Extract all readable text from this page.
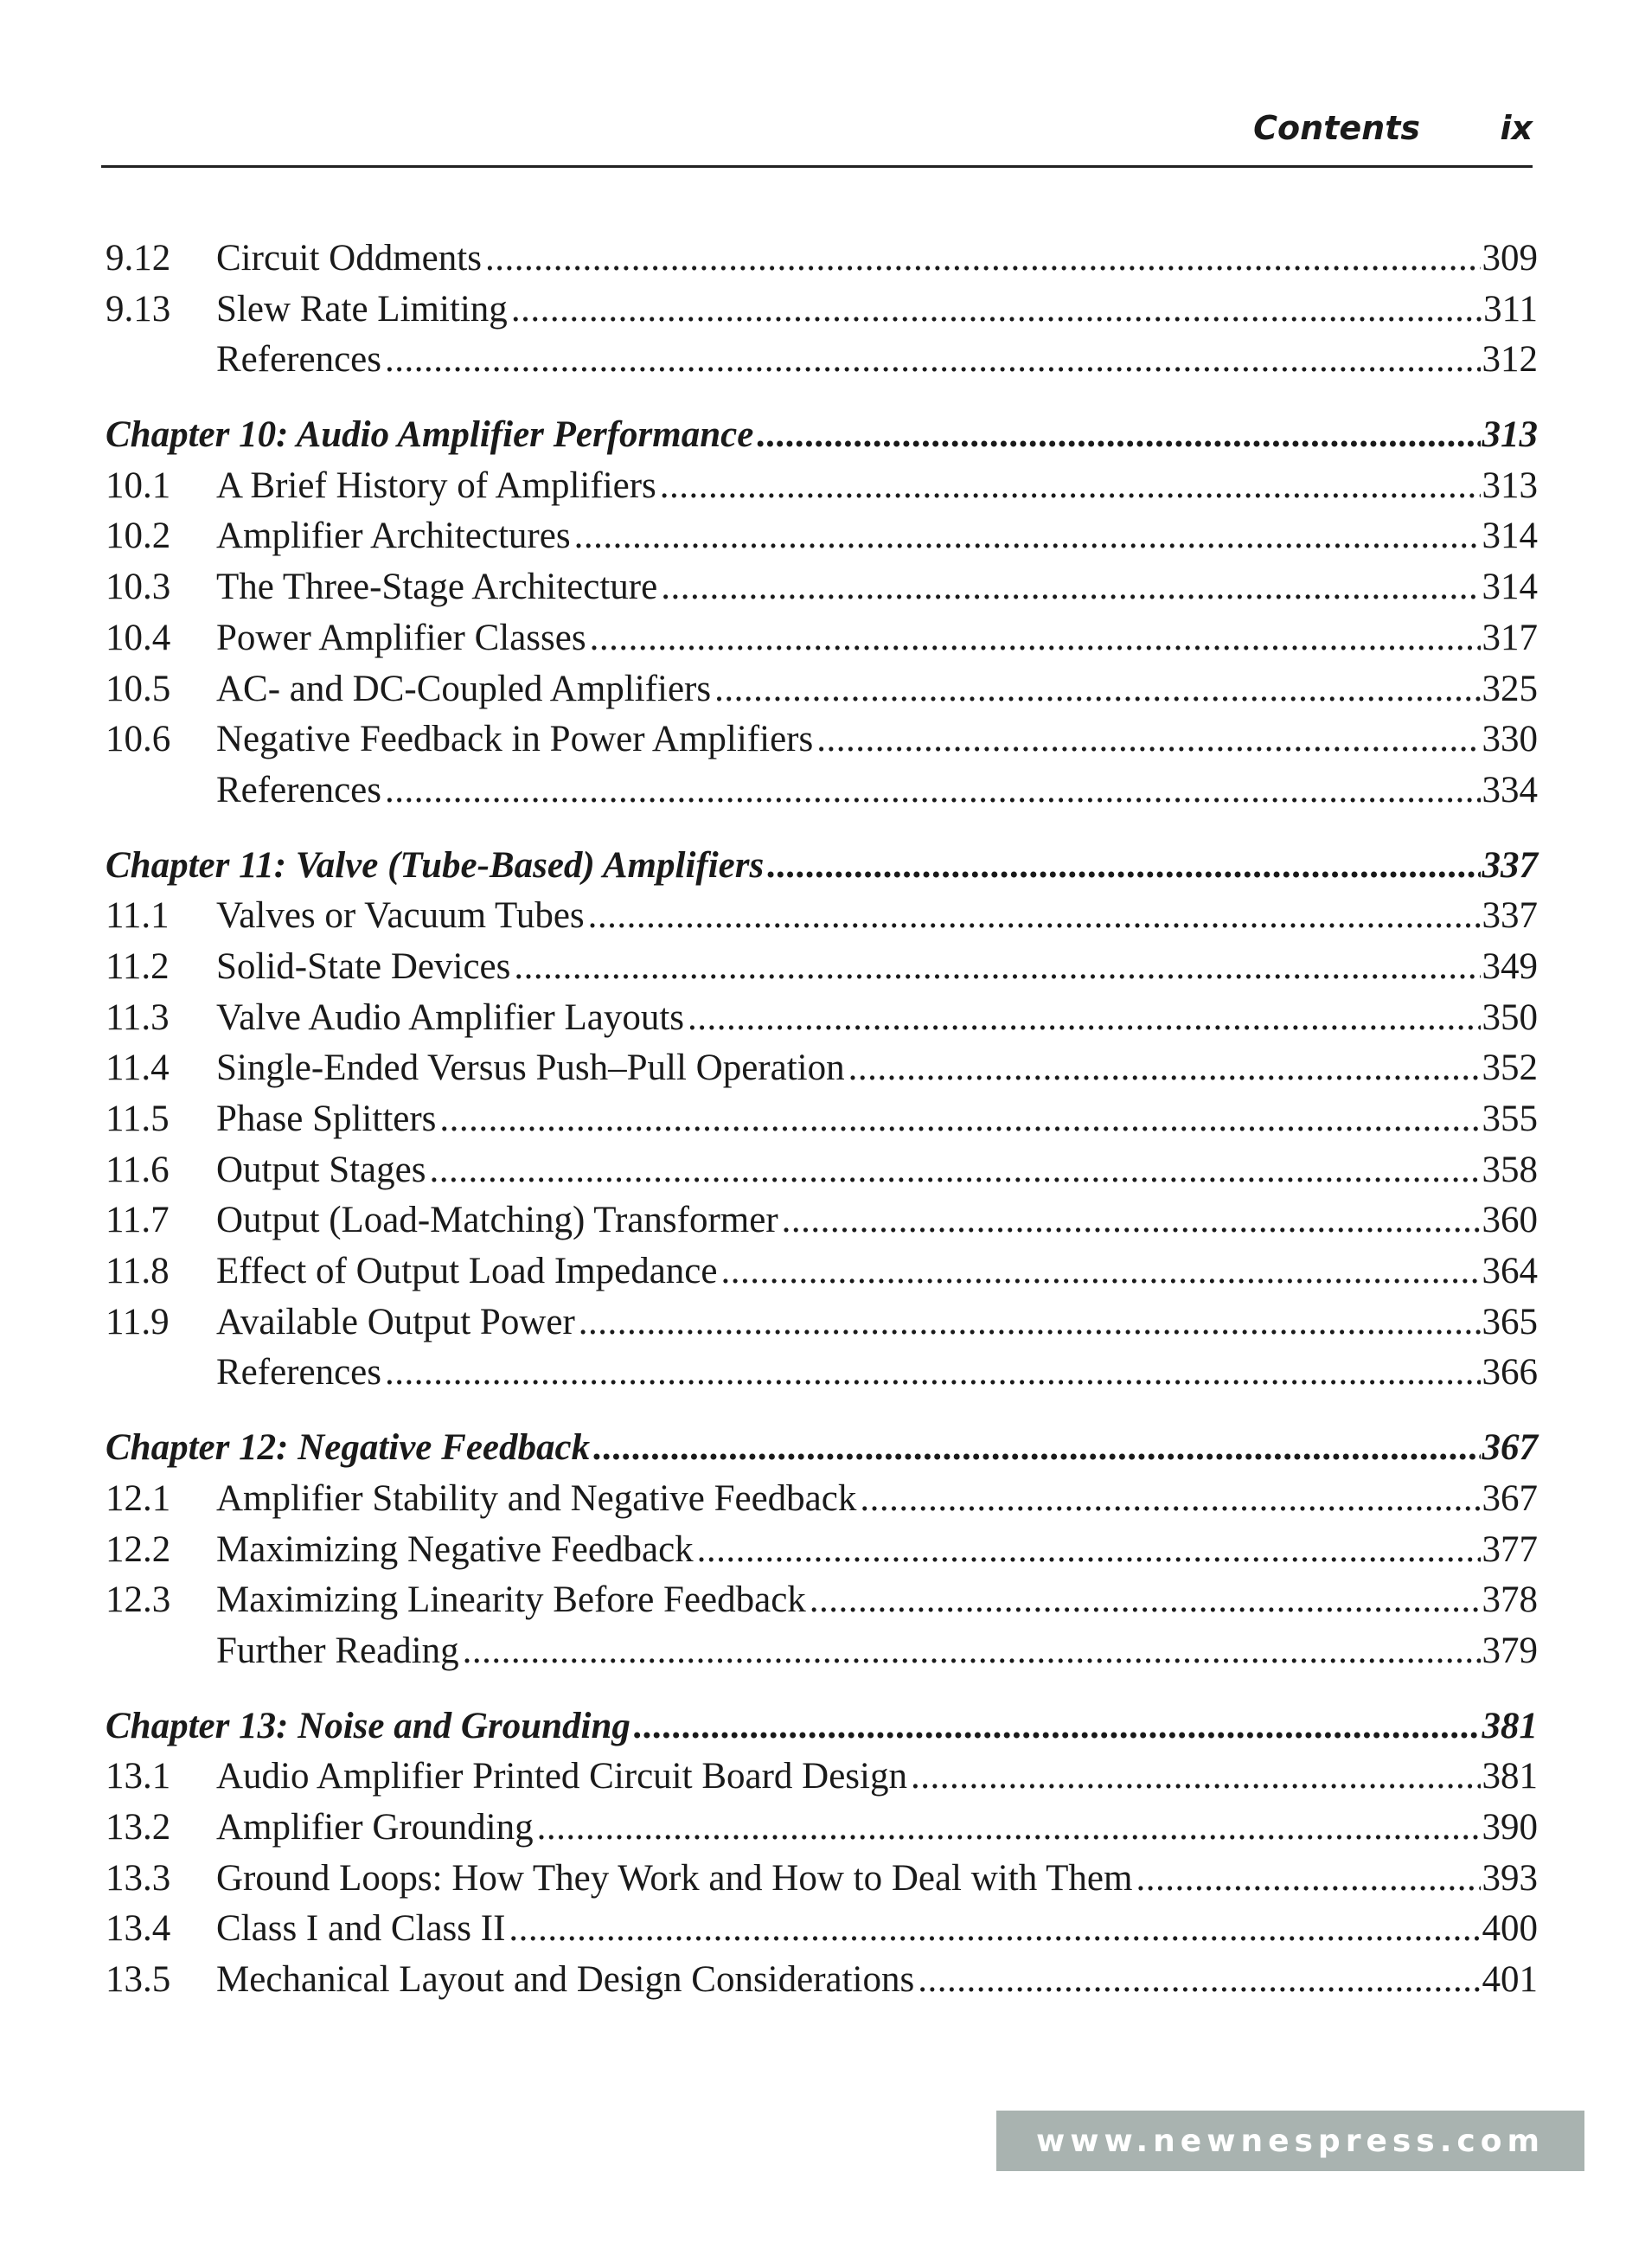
Contents ix
9.12	Circuit Oddments .....	309
9.13	Slew Rate Limiting .....	311
References .....	312
Chapter 10: Audio Amplifier Performance .....	313
10.1	A Brief History of Amplifiers .....	313
10.2	Amplifier Architectures .....	314
10.3	The Three-Stage Architecture .....	314
10.4	Power Amplifier Classes .....	317
10.5	AC- and DC-Coupled Amplifiers .....	325
10.6	Negative Feedback in Power Amplifiers .....	330
References .....	334
Chapter 11: Valve (Tube-Based) Amplifiers .....	337
11.1	Valves or Vacuum Tubes .....	337
11.2	Solid-State Devices .....	349
11.3	Valve Audio Amplifier Layouts .....	350
11.4	Single-Ended Versus Push–Pull Operation .....	352
11.5	Phase Splitters .....	355
11.6	Output Stages .....	358
11.7	Output (Load-Matching) Transformer .....	360
11.8	Effect of Output Load Impedance .....	364
11.9	Available Output Power .....	365
References .....	366
Chapter 12: Negative Feedback .....	367
12.1	Amplifier Stability and Negative Feedback .....	367
12.2	Maximizing Negative Feedback .....	377
12.3	Maximizing Linearity Before Feedback .....	378
Further Reading .....	379
Chapter 13: Noise and Grounding .....	381
13.1	Audio Amplifier Printed Circuit Board Design .....	381
13.2	Amplifier Grounding .....	390
13.3	Ground Loops: How They Work and How to Deal with Them .....	393
13.4	Class I and Class II .....	400
13.5	Mechanical Layout and Design Considerations .....	401
www.newnespress.com
